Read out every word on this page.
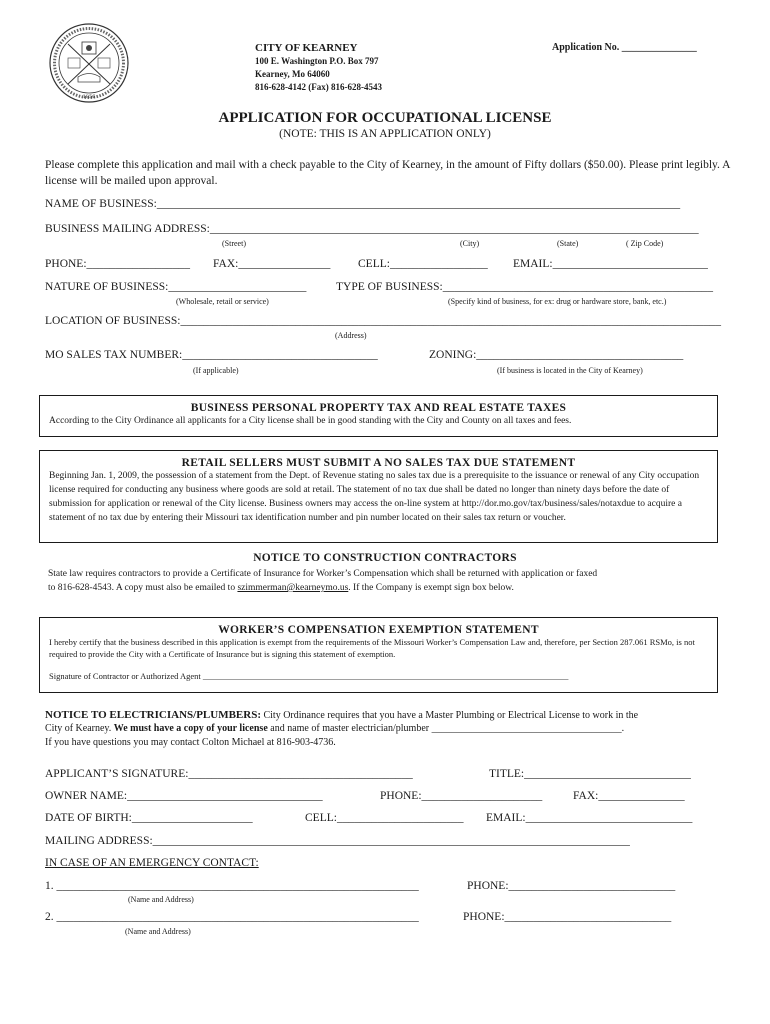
1856
CITY OF KEARNEY
100 E. Washington P.O. Box 797
Kearney, Mo 64060
816-628-4142 (Fax) 816-628-4543
Application No. _______________
APPLICATION FOR OCCUPATIONAL LICENSE
(NOTE: THIS IS AN APPLICATION ONLY)
Please complete this application and mail with a check payable to the City of Kearney, in the amount of Fifty dollars ($50.00). Please print legibly. A license will be mailed upon approval.
NAME OF BUSINESS:___________________________________________________________________________________________
BUSINESS MAILING ADDRESS:_____________________________________________________________________________________
(Street)	(City)	(State)	( Zip Code)
PHONE:__________________ FAX:________________ CELL:_________________ EMAIL:___________________________
NATURE OF BUSINESS:________________________	TYPE OF BUSINESS:_______________________________________________
(Wholesale, retail or service)	(Specify kind of business, for ex: drug or hardware store, bank, etc.)
LOCATION OF BUSINESS:______________________________________________________________________________________________
(Address)
MO SALES TAX NUMBER:__________________________________	ZONING:____________________________________
(If applicable)	(If business is located in the City of Kearney)
BUSINESS PERSONAL PROPERTY TAX AND REAL ESTATE TAXES
According to the City Ordinance all applicants for a City license shall be in good standing with the City and County on all taxes and fees.
RETAIL SELLERS MUST SUBMIT A NO SALES TAX DUE STATEMENT
Beginning Jan. 1, 2009, the possession of a statement from the Dept. of Revenue stating no sales tax due is a prerequisite to the issuance or renewal of any City occupation license required for conducting any business where goods are sold at retail. The statement of no tax due shall be dated no longer than ninety days before the date of submission for application or renewal of the City license. Business owners may access the on-line system at http://dor.mo.gov/tax/business/sales/notaxdue to acquire a statement of no tax due by entering their Missouri tax identification number and pin number located on their sales tax return or voucher.
NOTICE TO CONSTRUCTION CONTRACTORS
State law requires contractors to provide a Certificate of Insurance for Worker’s Compensation which shall be returned with application or faxed
to 816-628-4543. A copy must also be emailed to szimmerman@kearneymo.us. If the Company is exempt sign box below.
WORKER’S COMPENSATION EXEMPTION STATEMENT
I hereby certify that the business described in this application is exempt from the requirements of the Missouri Worker’s Compensation Law and, therefore, per Section 287.061 RSMo, is not required to provide the City with a Certificate of Insurance but is signing this statement of exemption.
Signature of Contractor or Authorized Agent ______________________________________________________________________________________
NOTICE TO ELECTRICIANS/PLUMBERS: City Ordinance requires that you have a Master Plumbing or Electrical License to work in the
City of Kearney. We must have a copy of your license and name of master electrician/plumber ______________________________________.
If you have questions you may contact Colton Michael at 816-903-4736.
APPLICANT’S SIGNATURE:_______________________________________	TITLE:_____________________________
OWNER NAME:__________________________________	PHONE:_____________________	FAX:_______________
DATE OF BIRTH:_____________________	CELL:______________________ EMAIL:_____________________________
MAILING ADDRESS:___________________________________________________________________________________
IN CASE OF AN EMERGENCY CONTACT:
1. _______________________________________________________________	PHONE:_____________________________
(Name and Address)
2. _______________________________________________________________	PHONE:_____________________________
(Name and Address)
